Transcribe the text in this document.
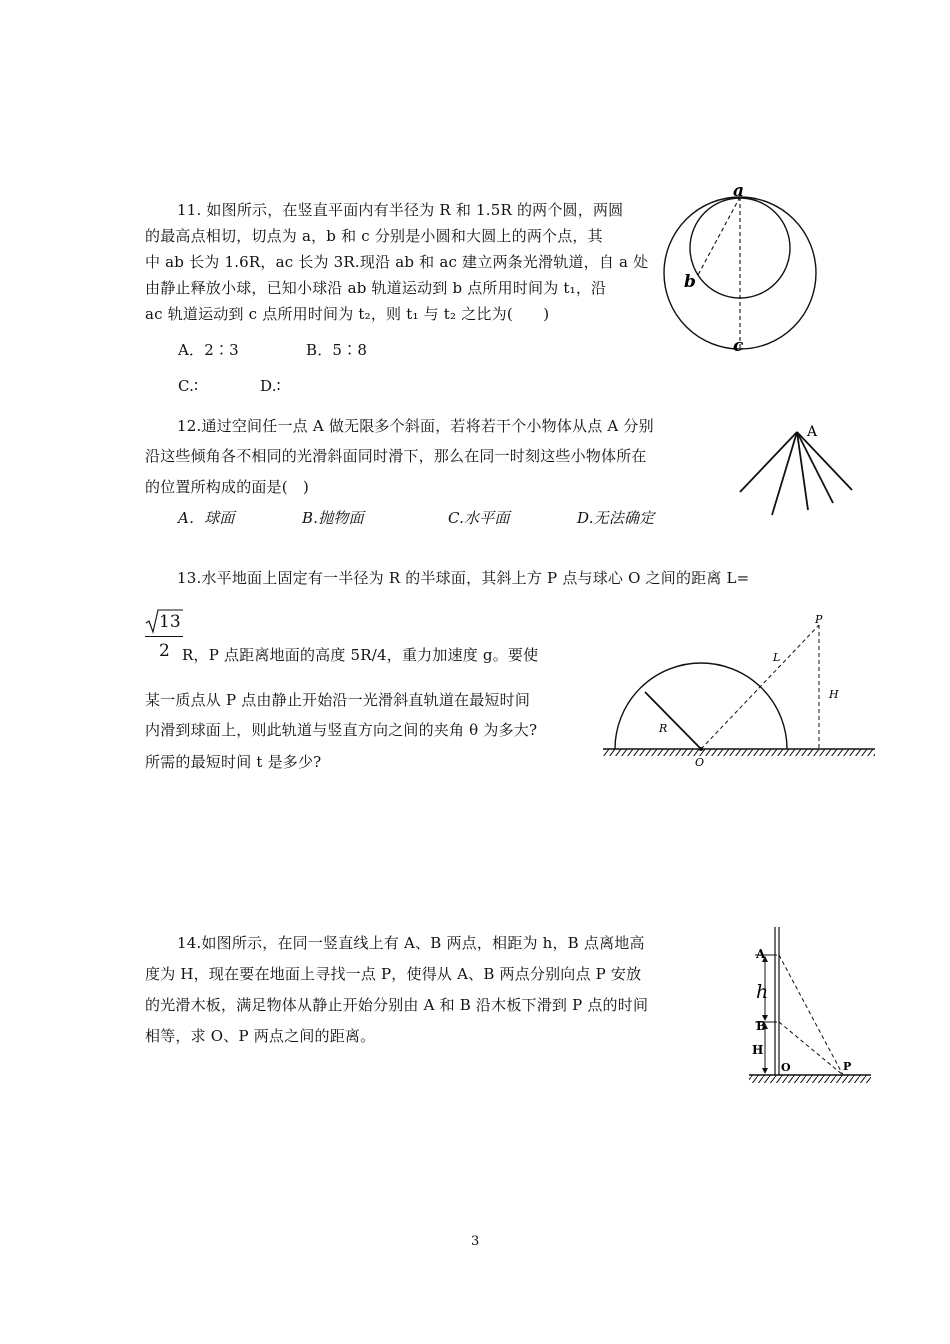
11. 如图所示，在竖直平面内有半径为 R 和 1.5R 的两个圆，两圆
的最高点相切，切点为 a，b 和 c 分别是小圆和大圆上的两个点，其
中 ab 长为 1.6R，ac 长为 3R.现沿 ab 和 ac 建立两条光滑轨道，自 a 处
由静止释放小球，已知小球沿 ab 轨道运动到 b 点所用时间为 t₁，沿
ac 轨道运动到 c 点所用时间为 t₂，则 t₁ 与 t₂ 之比为(　　)
A．2∶3	B．5∶8
C.∶	D.∶
a
b
c
12.通过空间任一点 A 做无限多个斜面，若将若干个小物体从点 A 分别
沿这些倾角各不相同的光滑斜面同时滑下，那么在同一时刻这些小物体所在
的位置所构成的面是(　)
A．球面	B.抛物面	C.水平面	D.无法确定
A
13.水平地面上固定有一半径为 R 的半球面，其斜上方 P 点与球心 O 之间的距离 L=
13
2 R，P 点距离地面的高度 5R/4，重力加速度 g。要使
某一质点从 P 点由静止开始沿一光滑斜直轨道在最短时间
内滑到球面上，则此轨道与竖直方向之间的夹角 θ 为多大?
所需的最短时间 t 是多少?
P
L
H
R
O
14.如图所示，在同一竖直线上有 A、B 两点，相距为 h，B 点离地高
度为 H，现在要在地面上寻找一点 P，使得从 A、B 两点分别向点 P 安放
的光滑木板，满足物体从静止开始分别由 A 和 B 沿木板下滑到 P 点的时间
相等，求 O、P 两点之间的距离。
A
h
B
H
O	P
3
